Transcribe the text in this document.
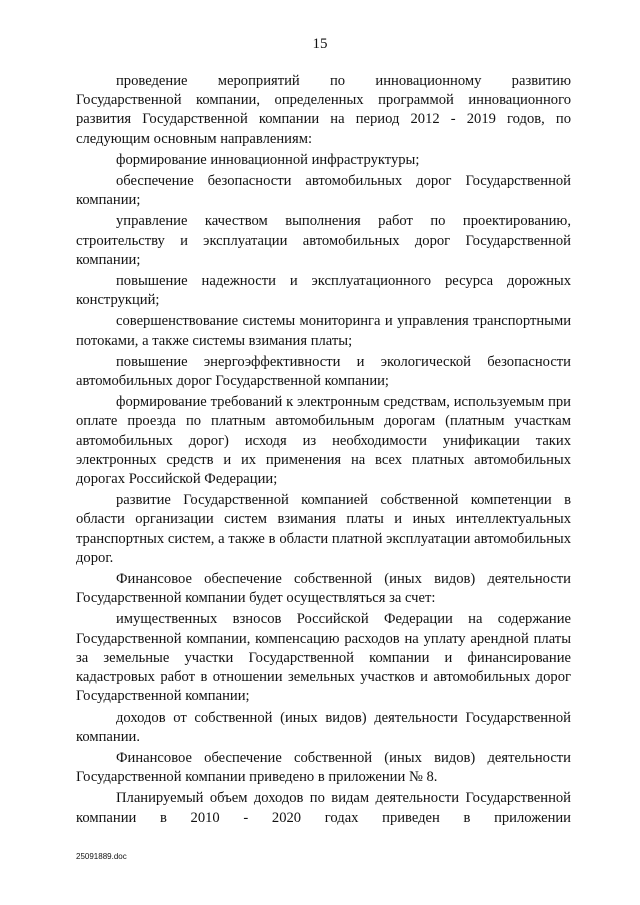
15

проведение мероприятий по инновационному развитию Государственной компании, определенных программой инновационного развития Государственной компании на период 2012 - 2019 годов, по следующим основным направлениям:

формирование инновационной инфраструктуры;

обеспечение безопасности автомобильных дорог Государственной компании;

управление качеством выполнения работ по проектированию, строительству и эксплуатации автомобильных дорог Государственной компании;

повышение надежности и эксплуатационного ресурса дорожных конструкций;

совершенствование системы мониторинга и управления транспортными потоками, а также системы взимания платы;

повышение энергоэффективности и экологической безопасности автомобильных дорог Государственной компании;

формирование требований к электронным средствам, используемым при оплате проезда по платным автомобильным дорогам (платным участкам автомобильных дорог) исходя из необходимости унификации таких электронных средств и их применения на всех платных автомобильных дорогах Российской Федерации;

развитие Государственной компанией собственной компетенции в области организации систем взимания платы и иных интеллектуальных транспортных систем, а также в области платной эксплуатации автомобильных дорог.

Финансовое обеспечение собственной (иных видов) деятельности Государственной компании будет осуществляться за счет:

имущественных взносов Российской Федерации на содержание Государственной компании, компенсацию расходов на уплату арендной платы за земельные участки Государственной компании и финансирование кадастровых работ в отношении земельных участков и автомобильных дорог Государственной компании;

доходов от собственной (иных видов) деятельности Государственной компании.

Финансовое обеспечение собственной (иных видов) деятельности Государственной компании приведено в приложении № 8.

Планируемый объем доходов по видам деятельности Государственной компании в 2010 - 2020 годах приведен в приложении

25091889.doc
